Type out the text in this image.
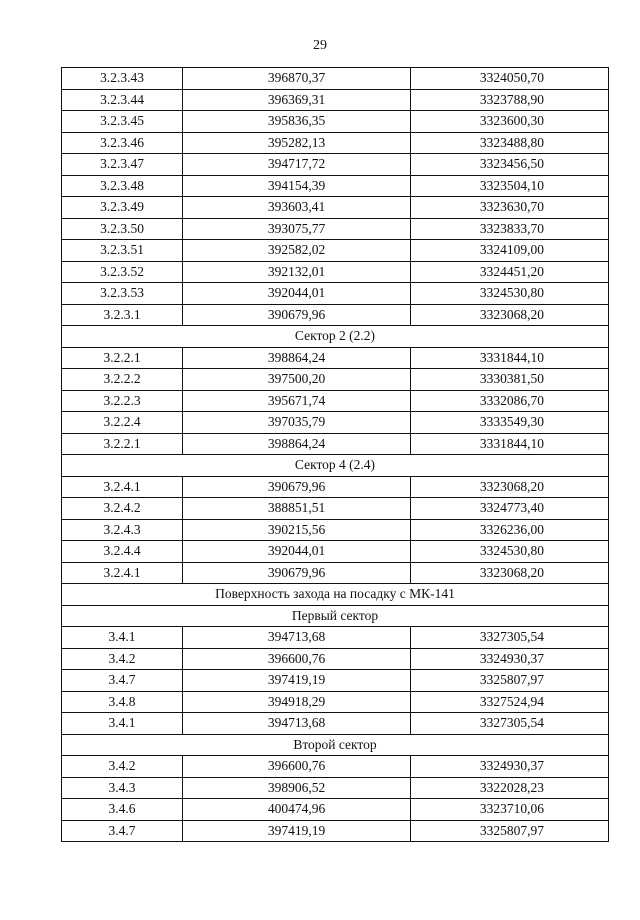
29
3.2.3.43	396870,37	3324050,70
3.2.3.44	396369,31	3323788,90
3.2.3.45	395836,35	3323600,30
3.2.3.46	395282,13	3323488,80
3.2.3.47	394717,72	3323456,50
3.2.3.48	394154,39	3323504,10
3.2.3.49	393603,41	3323630,70
3.2.3.50	393075,77	3323833,70
3.2.3.51	392582,02	3324109,00
3.2.3.52	392132,01	3324451,20
3.2.3.53	392044,01	3324530,80
3.2.3.1	390679,96	3323068,20
Сектор 2 (2.2)		
3.2.2.1	398864,24	3331844,10
3.2.2.2	397500,20	3330381,50
3.2.2.3	395671,74	3332086,70
3.2.2.4	397035,79	3333549,30
3.2.2.1	398864,24	3331844,10
Сектор 4 (2.4)		
3.2.4.1	390679,96	3323068,20
3.2.4.2	388851,51	3324773,40
3.2.4.3	390215,56	3326236,00
3.2.4.4	392044,01	3324530,80
3.2.4.1	390679,96	3323068,20
Поверхность захода на посадку с МК-141		
Первый сектор		
3.4.1	394713,68	3327305,54
3.4.2	396600,76	3324930,37
3.4.7	397419,19	3325807,97
3.4.8	394918,29	3327524,94
3.4.1	394713,68	3327305,54
Второй сектор		
3.4.2	396600,76	3324930,37
3.4.3	398906,52	3322028,23
3.4.6	400474,96	3323710,06
3.4.7	397419,19	3325807,97
